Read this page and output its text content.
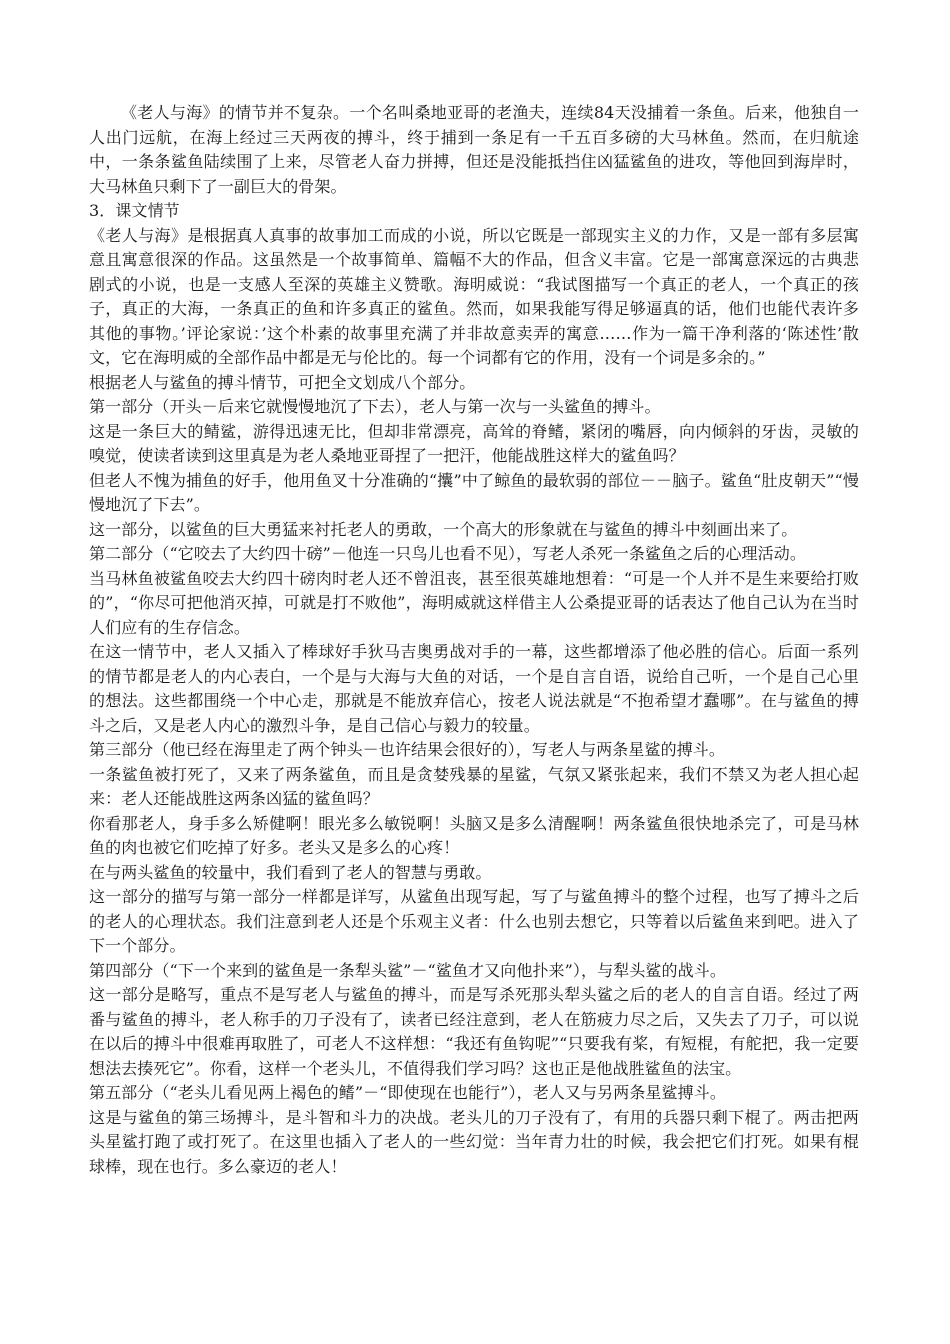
《老人与海》的情节并不复杂。一个名叫桑地亚哥的老渔夫，连续84天没捕着一条鱼。后来，他独自一人出门远航，在海上经过三天两夜的搏斗，终于捕到一条足有一千五百多磅的大马林鱼。然而，在归航途中，一条条鲨鱼陆续围了上来，尽管老人奋力拼搏，但还是没能抵挡住凶猛鲨鱼的进攻，等他回到海岸时，大马林鱼只剩下了一副巨大的骨架。

3．课文情节

《老人与海》是根据真人真事的故事加工而成的小说，所以它既是一部现实主义的力作，又是一部有多层寓意且寓意很深的作品。这虽然是一个故事简单、篇幅不大的作品，但含义丰富。它是一部寓意深远的古典悲剧式的小说，也是一支感人至深的英雄主义赞歌。海明威说：“我试图描写一个真正的老人，一个真正的孩子，真正的大海，一条真正的鱼和许多真正的鲨鱼。然而，如果我能写得足够逼真的话，他们也能代表许多其他的事物。’评论家说：’这个朴素的故事里充满了并非故意卖弄的寓意……作为一篇干净利落的‘陈述性’散文，它在海明威的全部作品中都是无与伦比的。每一个词都有它的作用，没有一个词是多余的。”

根据老人与鲨鱼的搏斗情节，可把全文划成八个部分。

第一部分（开头－后来它就慢慢地沉了下去），老人与第一次与一头鲨鱼的搏斗。

这是一条巨大的鲭鲨，游得迅速无比，但却非常漂亮，高耸的脊鳍，紧闭的嘴唇，向内倾斜的牙齿，灵敏的嗅觉，使读者读到这里真是为老人桑地亚哥捏了一把汗，他能战胜这样大的鲨鱼吗？

但老人不愧为捕鱼的好手，他用鱼叉十分准确的“攮”中了鲸鱼的最软弱的部位－－脑子。鲨鱼“肚皮朝天”“慢慢地沉了下去”。

这一部分，以鲨鱼的巨大勇猛来衬托老人的勇敢，一个高大的形象就在与鲨鱼的搏斗中刻画出来了。

第二部分（“它咬去了大约四十磅”－他连一只鸟儿也看不见），写老人杀死一条鲨鱼之后的心理活动。

当马林鱼被鲨鱼咬去大约四十磅肉时老人还不曾沮丧，甚至很英雄地想着：“可是一个人并不是生来要给打败的”，“你尽可把他消灭掉，可就是打不败他”，海明威就这样借主人公桑提亚哥的话表达了他自己认为在当时人们应有的生存信念。

在这一情节中，老人又插入了棒球好手狄马吉奥勇战对手的一幕，这些都增添了他必胜的信心。后面一系列的情节都是老人的内心表白，一个是与大海与大鱼的对话，一个是自言自语，说给自己听，一个是自己心里的想法。这些都围绕一个中心走，那就是不能放弃信心，按老人说法就是“不抱希望才蠢哪”。在与鲨鱼的搏斗之后，又是老人内心的激烈斗争，是自己信心与毅力的较量。

第三部分（他已经在海里走了两个钟头－也许结果会很好的），写老人与两条星鲨的搏斗。

一条鲨鱼被打死了，又来了两条鲨鱼，而且是贪婪残暴的星鲨，气氛又紧张起来，我们不禁又为老人担心起来：老人还能战胜这两条凶猛的鲨鱼吗？

你看那老人，身手多么矫健啊！眼光多么敏锐啊！头脑又是多么清醒啊！两条鲨鱼很快地杀完了，可是马林鱼的肉也被它们吃掉了好多。老头又是多么的心疼！

在与两头鲨鱼的较量中，我们看到了老人的智慧与勇敢。

这一部分的描写与第一部分一样都是详写，从鲨鱼出现写起，写了与鲨鱼搏斗的整个过程，也写了搏斗之后的老人的心理状态。我们注意到老人还是个乐观主义者：什么也别去想它，只等着以后鲨鱼来到吧。进入了下一个部分。

第四部分（“下一个来到的鲨鱼是一条犁头鲨”－“鲨鱼才又向他扑来”），与犁头鲨的战斗。

这一部分是略写，重点不是写老人与鲨鱼的搏斗，而是写杀死那头犁头鲨之后的老人的自言自语。经过了两番与鲨鱼的搏斗，老人称手的刀子没有了，读者已经注意到，老人在筋疲力尽之后，又失去了刀子，可以说在以后的搏斗中很难再取胜了，可老人不这样想：“我还有鱼钩呢”“只要我有桨，有短棍，有舵把，我一定要想法去揍死它”。你看，这样一个老头儿，不值得我们学习吗？这也正是他战胜鲨鱼的法宝。

第五部分（“老头儿看见两上褐色的鳍”－“即使现在也能行”），老人又与另两条星鲨搏斗。

这是与鲨鱼的第三场搏斗，是斗智和斗力的决战。老头儿的刀子没有了，有用的兵器只剩下棍了。两击把两头星鲨打跑了或打死了。在这里也插入了老人的一些幻觉：当年青力壮的时候，我会把它们打死。如果有棍球棒，现在也行。多么豪迈的老人！
